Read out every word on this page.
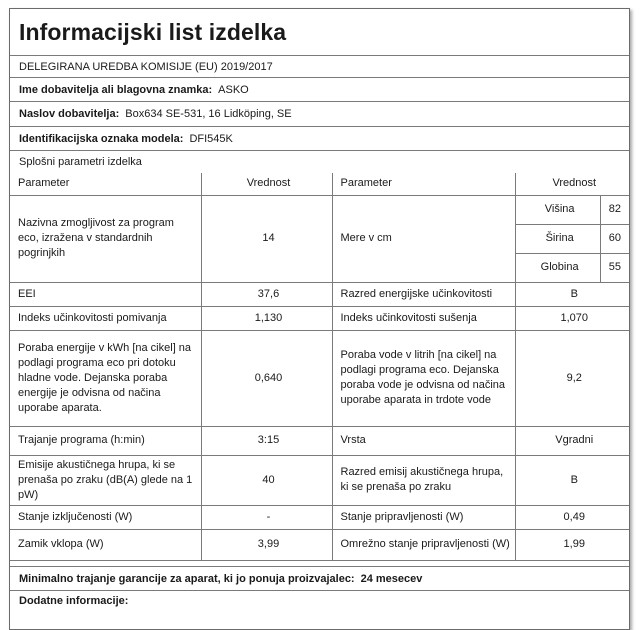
Informacijski list izdelka
DELEGIRANA UREDBA KOMISIJE (EU) 2019/2017
Ime dobavitelja ali blagovna znamka: ASKO
Naslov dobavitelja: Box634 SE-531, 16 Lidköping, SE
Identifikacijska oznaka modela: DFI545K
Splošni parametri izdelka
Parameter	Vrednost	Parameter	Vrednost
Nazivna zmogljivost za program eco, izražena v standardnih pogrinjkih	14	Mere v cm	
Višina	82
Širina	60
Globina	55

EEI	37,6	Razred energijske učinkovitosti	B
Indeks učinkovitosti pomivanja	1,130	Indeks učinkovitosti sušenja	1,070
Poraba energije v kWh [na cikel] na podlagi programa eco pri dotoku hladne vode. Dejanska poraba energije je odvisna od načina uporabe aparata.	0,640	Poraba vode v litrih [na cikel] na podlagi programa eco. Dejanska poraba vode je odvisna od načina uporabe aparata in trdote vode	9,2
Trajanje programa (h:min)	3:15	Vrsta	Vgradni
Emisije akustičnega hrupa, ki se prenaša po zraku (dB(A) glede na 1 pW)	40	Razred emisij akustičnega hrupa, ki se prenaša po zraku	B
Stanje izključenosti (W)	-	Stanje pripravljenosti (W)	0,49
Zamik vklopa (W)	3,99	Omrežno stanje pripravljenosti (W)	1,99
Minimalno trajanje garancije za aparat, ki jo ponuja proizvajalec: 24 mesecev
Dodatne informacije:
